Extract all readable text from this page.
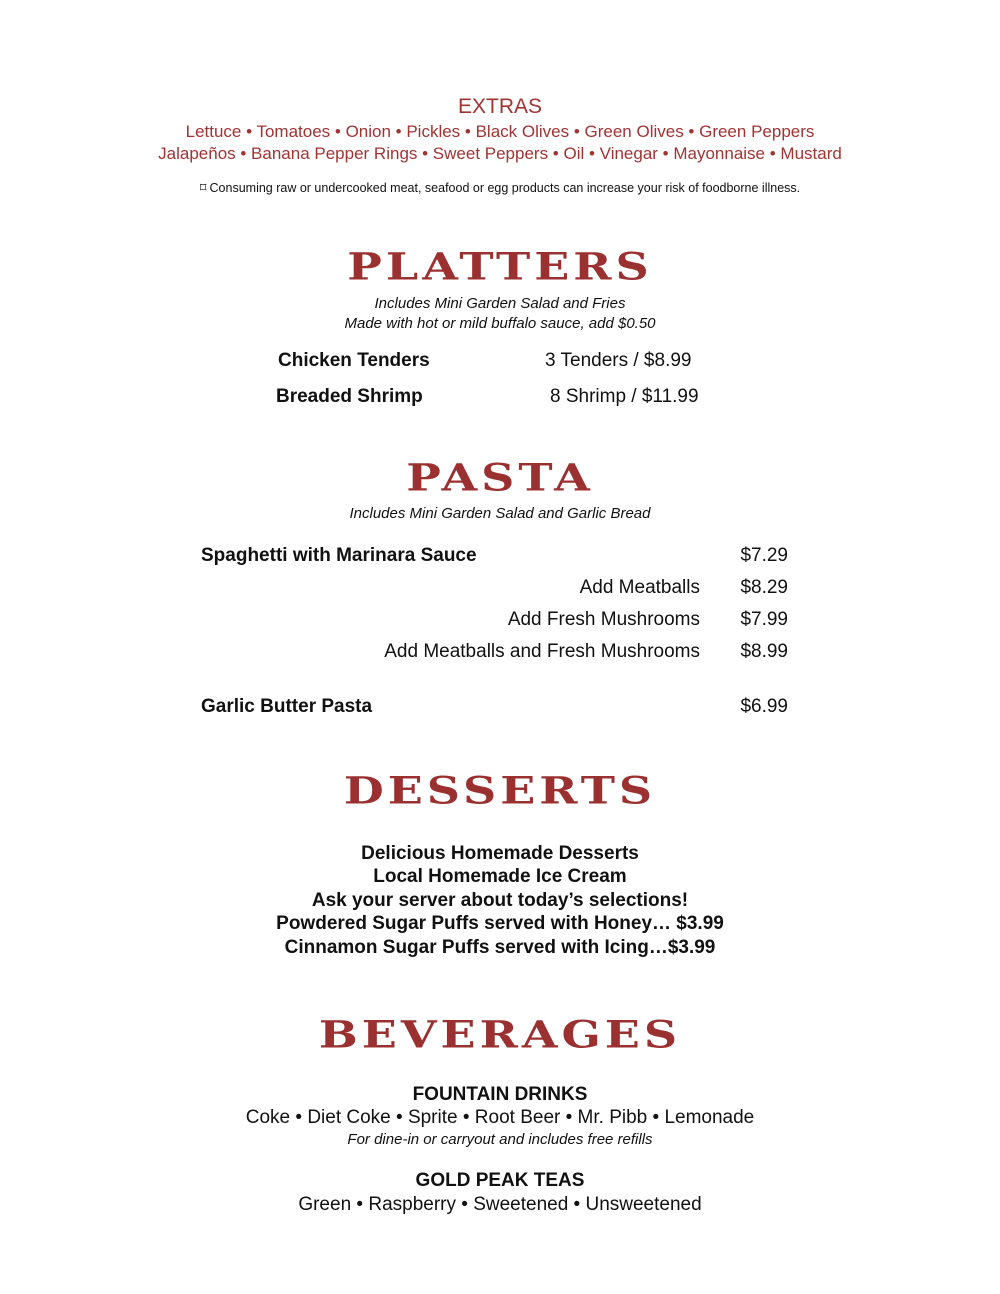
EXTRAS
Lettuce • Tomatoes • Onion • Pickles • Black Olives • Green Olives • Green Peppers
Jalapeños • Banana Pepper Rings • Sweet Peppers • Oil • Vinegar • Mayonnaise • Mustard
⌑ Consuming raw or undercooked meat, seafood or egg products can increase your risk of foodborne illness.
PLATTERS
Includes Mini Garden Salad and Fries
Made with hot or mild buffalo sauce, add $0.50
Chicken Tenders	3 Tenders / $8.99
Breaded Shrimp	8 Shrimp / $11.99
PASTA
Includes Mini Garden Salad and Garlic Bread
Spaghetti with Marinara Sauce	$7.29
Add Meatballs	$8.29
Add Fresh Mushrooms	$7.99
Add Meatballs and Fresh Mushrooms	$8.99
Garlic Butter Pasta	$6.99
DESSERTS
Delicious Homemade Desserts
Local Homemade Ice Cream
Ask your server about today’s selections!
Powdered Sugar Puffs served with Honey… $3.99
Cinnamon Sugar Puffs served with Icing…$3.99
BEVERAGES
FOUNTAIN DRINKS
Coke • Diet Coke • Sprite • Root Beer • Mr. Pibb • Lemonade
For dine-in or carryout and includes free refills
GOLD PEAK TEAS
Green • Raspberry • Sweetened • Unsweetened
